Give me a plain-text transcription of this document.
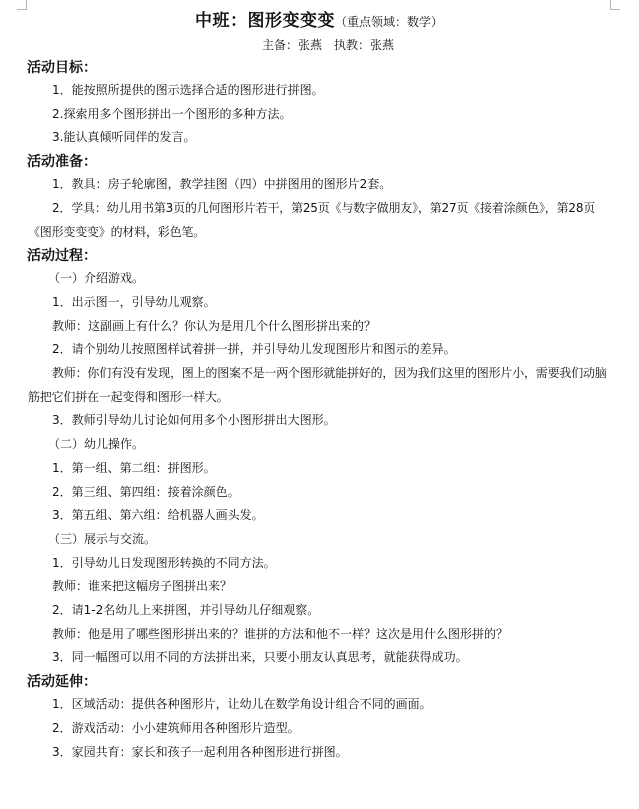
中班：图形变变变（重点领域：数学）
主备：张燕 执教：张燕
活动目标：
1．能按照所提供的图示选择合适的图形进行拼图。
2.探索用多个图形拼出一个图形的多种方法。
3.能认真倾听同伴的发言。
活动准备：
1．教具：房子轮廓图，教学挂图（四）中拼图用的图形片2套。
2．学具：幼儿用书第3页的几何图形片若干，第25页《与数字做朋友》，第27页《接着涂颜色》，第28页《图形变变变》的材料，彩色笔。
活动过程：
（一）介绍游戏。
1．出示图一，引导幼儿观察。
教师：这副画上有什么？你认为是用几个什么图形拼出来的？
2．请个别幼儿按照图样试着拼一拼，并引导幼儿发现图形片和图示的差异。
教师：你们有没有发现，图上的图案不是一两个图形就能拼好的，因为我们这里的图形片小，需要我们动脑筋把它们拼在一起变得和图形一样大。
3．教师引导幼儿讨论如何用多个小图形拼出大图形。
（二）幼儿操作。
1．第一组、第二组：拼图形。
2．第三组、第四组：接着涂颜色。
3．第五组、第六组：给机器人画头发。
（三）展示与交流。
1．引导幼儿日发现图形转换的不同方法。
教师：谁来把这幅房子图拼出来？
2．请1-2名幼儿上来拼图，并引导幼儿仔细观察。
教师：他是用了哪些图形拼出来的？谁拼的方法和他不一样？这次是用什么图形拼的？
3．同一幅图可以用不同的方法拼出来，只要小朋友认真思考，就能获得成功。
活动延伸：
1．区域活动：提供各种图形片，让幼儿在数学角设计组合不同的画面。
2．游戏活动：小小建筑师用各种图形片造型。
3．家园共育：家长和孩子一起利用各种图形进行拼图。
